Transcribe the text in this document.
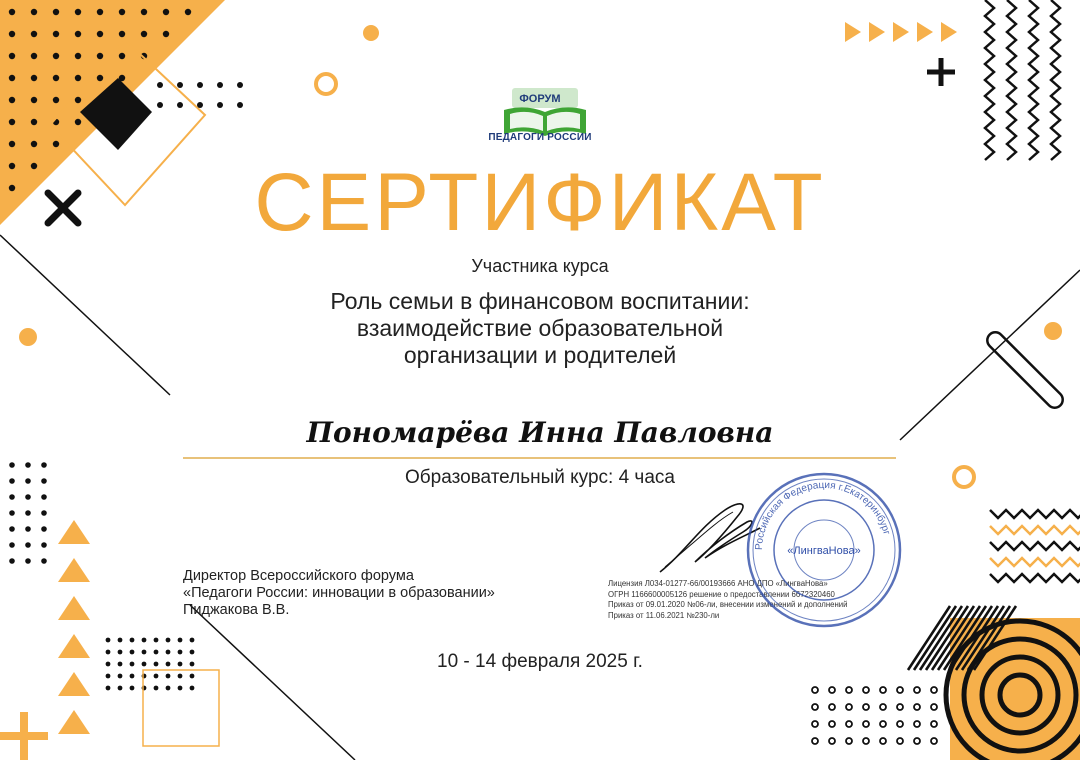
ФОРУМ
ПЕДАГОГИ РОССИИ
СЕРТИФИКАТ
Участника курса
Роль семьи в финансовом воспитании:
взаимодействие образовательной
организации и родителей
Пономарёва Инна Павловна
Образовательный курс: 4 часа
Директор Всероссийского форума
«Педагоги России: инновации в образовании»
Пиджакова В.В.
Лицензия Л034-01277-66/00193666 АНО ДПО «ЛингваНова»
ОГРН 1166600005126 решение о предоставлении 6672320460
Приказ от 09.01.2020 №06-ли, внесении изменений и дополнений
Приказ от 11.06.2021 №230-ли
Российская Федерация г.Екатеринбург
«ЛингваНова»
10 - 14 февраля 2025 г.
